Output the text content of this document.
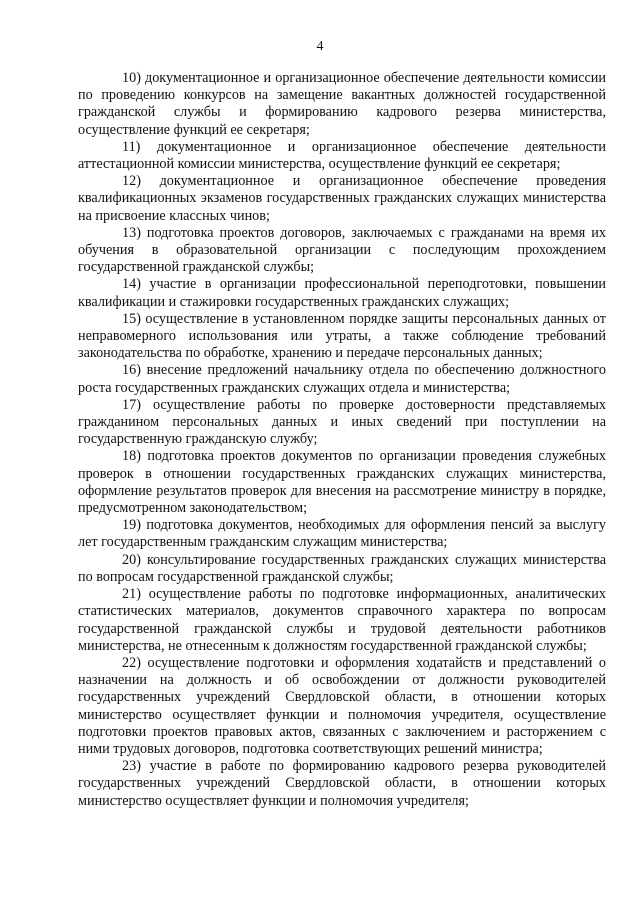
4

10) документационное и организационное обеспечение деятельности комиссии по проведению конкурсов на замещение вакантных должностей государственной гражданской службы и формированию кадрового резерва министерства, осуществление функций ее секретаря;

11) документационное и организационное обеспечение деятельности аттестационной комиссии министерства, осуществление функций ее секретаря;

12) документационное и организационное обеспечение проведения квалификационных экзаменов государственных гражданских служащих министерства на присвоение классных чинов;

13) подготовка проектов договоров, заключаемых с гражданами на время их обучения в образовательной организации с последующим прохождением государственной гражданской службы;

14) участие в организации профессиональной переподготовки, повышении квалификации и стажировки государственных гражданских служащих;

15) осуществление в установленном порядке защиты персональных данных от неправомерного использования или утраты, а также соблюдение требований законодательства по обработке, хранению и передаче персональных данных;

16) внесение предложений начальнику отдела по обеспечению должностного роста государственных гражданских служащих отдела и министерства;

17) осуществление работы по проверке достоверности представляемых гражданином персональных данных и иных сведений при поступлении на государственную гражданскую службу;

18) подготовка проектов документов по организации проведения служебных проверок в отношении государственных гражданских служащих министерства, оформление результатов проверок для внесения на рассмотрение министру в порядке, предусмотренном законодательством;

19) подготовка документов, необходимых для оформления пенсий за выслугу лет государственным гражданским служащим министерства;

20) консультирование государственных гражданских служащих министерства по вопросам государственной гражданской службы;

21) осуществление работы по подготовке информационных, аналитических статистических материалов, документов справочного характера по вопросам государственной гражданской службы и трудовой деятельности работников министерства, не отнесенным к должностям государственной гражданской службы;

22) осуществление подготовки и оформления ходатайств и представлений о назначении на должность и об освобождении от должности руководителей государственных учреждений Свердловской области, в отношении которых министерство осуществляет функции и полномочия учредителя, осуществление подготовки проектов правовых актов, связанных с заключением и расторжением с ними трудовых договоров, подготовка соответствующих решений министра;

23) участие в работе по формированию кадрового резерва руководителей государственных учреждений Свердловской области, в отношении которых министерство осуществляет функции и полномочия учредителя;
